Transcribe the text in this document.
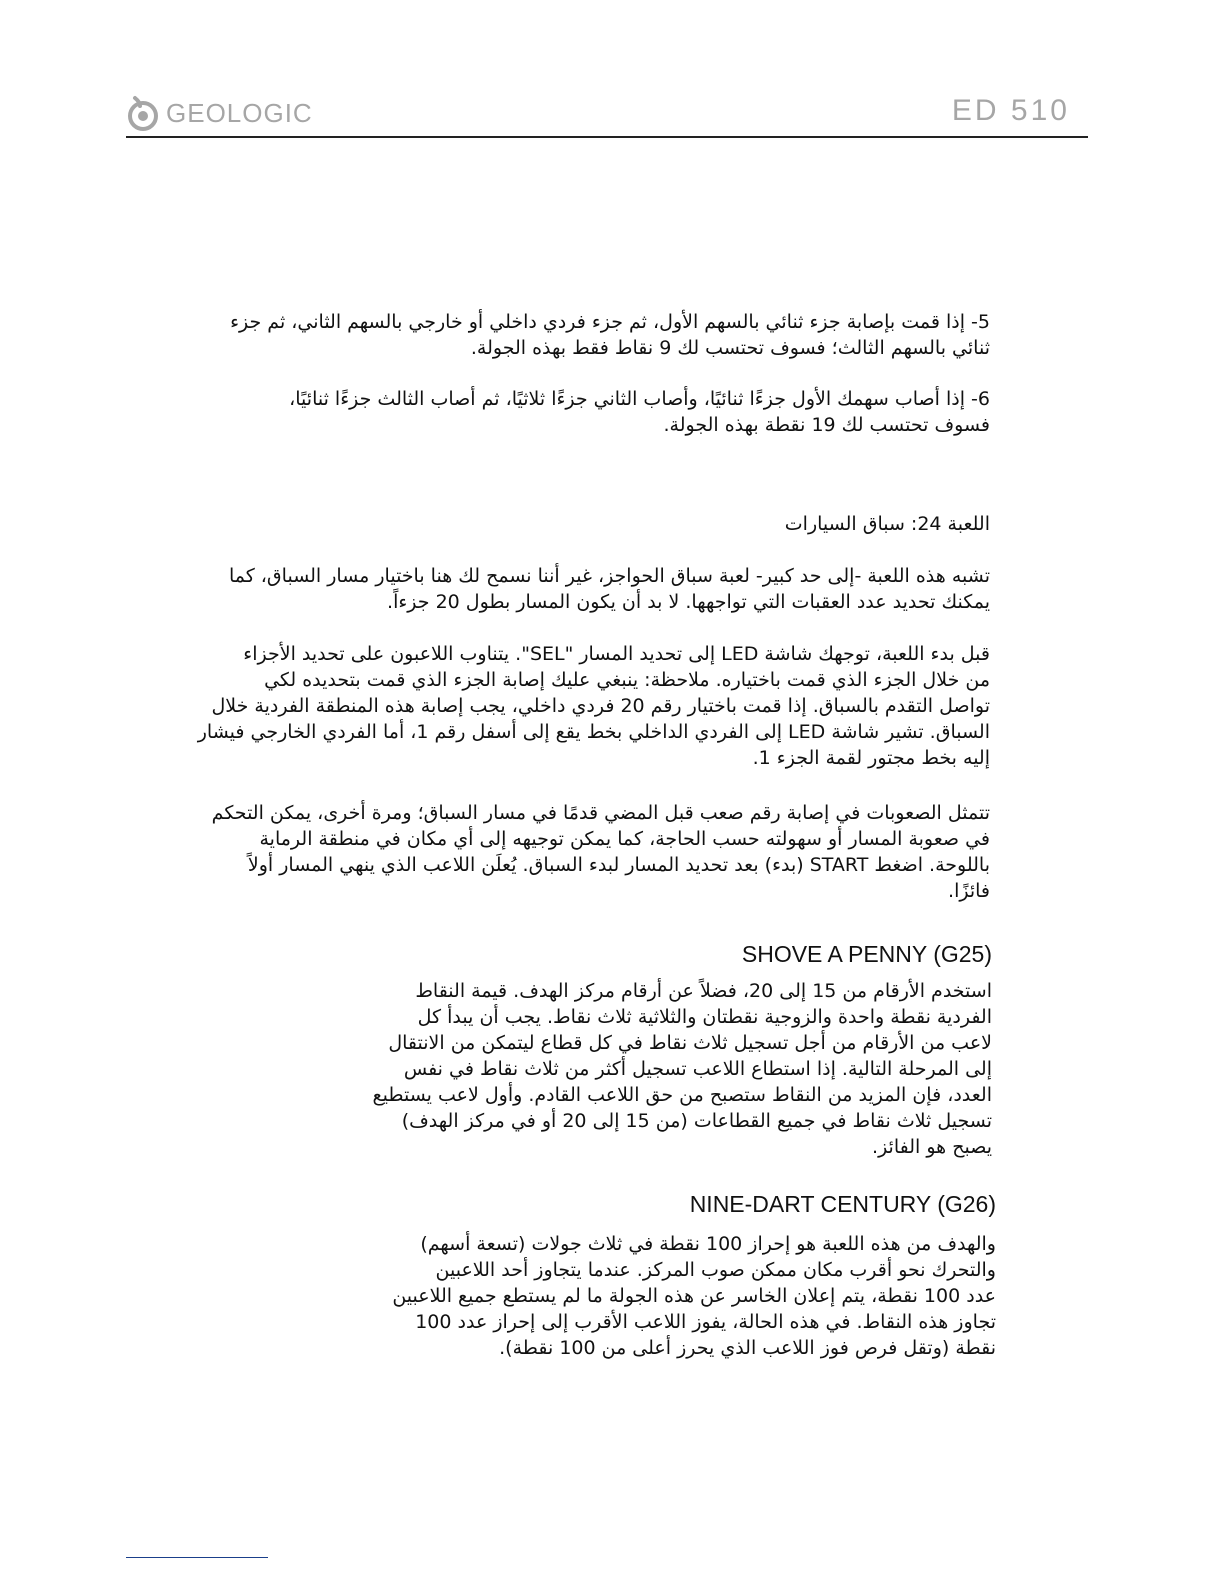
GEOLOGIC	ED 510
5- إذا قمت بإصابة جزء ثنائي بالسهم الأول، ثم جزء فردي داخلي أو خارجي بالسهم الثاني، ثم جزء
ثنائي بالسهم الثالث؛ فسوف تحتسب لك 9 نقاط فقط بهذه الجولة.
6- إذا أصاب سهمك الأول جزءًا ثنائيًا، وأصاب الثاني جزءًا ثلاثيًا، ثم أصاب الثالث جزءًا ثنائيًا،
فسوف تحتسب لك 19 نقطة بهذه الجولة.
اللعبة 24: سباق السيارات
تشبه هذه اللعبة -إلى حد كبير- لعبة سباق الحواجز، غير أننا نسمح لك هنا باختيار مسار السباق، كما
يمكنك تحديد عدد العقبات التي تواجهها. لا بد أن يكون المسار بطول 20 جزءاً.
قبل بدء اللعبة، توجهك شاشة LED إلى تحديد المسار "SEL". يتناوب اللاعبون على تحديد الأجزاء
من خلال الجزء الذي قمت باختياره. ملاحظة: ينبغي عليك إصابة الجزء الذي قمت بتحديده لكي
تواصل التقدم بالسباق. إذا قمت باختيار رقم 20 فردي داخلي، يجب إصابة هذه المنطقة الفردية خلال
السباق. تشير شاشة LED إلى الفردي الداخلي بخط يقع إلى أسفل رقم 1، أما الفردي الخارجي فيشار
إليه بخط مجتور لقمة الجزء 1.
تتمثل الصعوبات في إصابة رقم صعب قبل المضي قدمًا في مسار السباق؛ ومرة أخرى، يمكن التحكم
في صعوبة المسار أو سهولته حسب الحاجة، كما يمكن توجيهه إلى أي مكان في منطقة الرماية
باللوحة. اضغط START (بدء) بعد تحديد المسار لبدء السباق. يُعلَن اللاعب الذي ينهي المسار أولاً
فائزًا.
SHOVE A PENNY (G25)
استخدم الأرقام من 15 إلى 20، فضلاً عن أرقام مركز الهدف. قيمة النقاط
الفردية نقطة واحدة والزوجية نقطتان والثلاثية ثلاث نقاط. يجب أن يبدأ كل
لاعب من الأرقام من أجل تسجيل ثلاث نقاط في كل قطاع ليتمكن من الانتقال
إلى المرحلة التالية. إذا استطاع اللاعب تسجيل أكثر من ثلاث نقاط في نفس
العدد، فإن المزيد من النقاط ستصبح من حق اللاعب القادم. وأول لاعب يستطيع
تسجيل ثلاث نقاط في جميع القطاعات (من 15 إلى 20 أو في مركز الهدف)
يصبح هو الفائز.
NINE-DART CENTURY (G26)
والهدف من هذه اللعبة هو إحراز 100 نقطة في ثلاث جولات (تسعة أسهم)
والتحرك نحو أقرب مكان ممكن صوب المركز. عندما يتجاوز أحد اللاعبين
عدد 100 نقطة، يتم إعلان الخاسر عن هذه الجولة ما لم يستطع جميع اللاعبين
تجاوز هذه النقاط. في هذه الحالة، يفوز اللاعب الأقرب إلى إحراز عدد 100
نقطة (وتقل فرص فوز اللاعب الذي يحرز أعلى من 100 نقطة).
